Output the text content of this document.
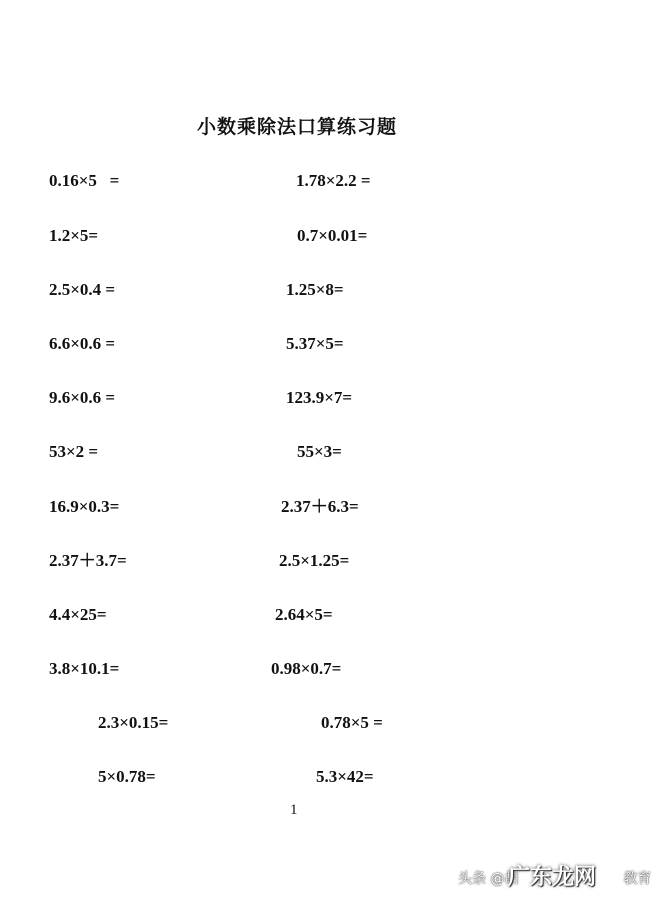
小数乘除法口算练习题
0.16×5   =
1.2×5=
2.5×0.4 =
6.6×0.6 =
9.6×0.6 =
53×2 =
16.9×0.3=
2.37＋3.7=
4.4×25=
3.8×10.1=
2.3×0.15=
5×0.78=
1.78×2.2 =
0.7×0.01=
1.25×8=
5.37×5=
123.9×7=
55×3=
2.37＋6.3=
2.5×1.25=
2.64×5=
0.98×0.7=
0.78×5 =
5.3×42=
1
头条 @胡	教育
广东龙网
